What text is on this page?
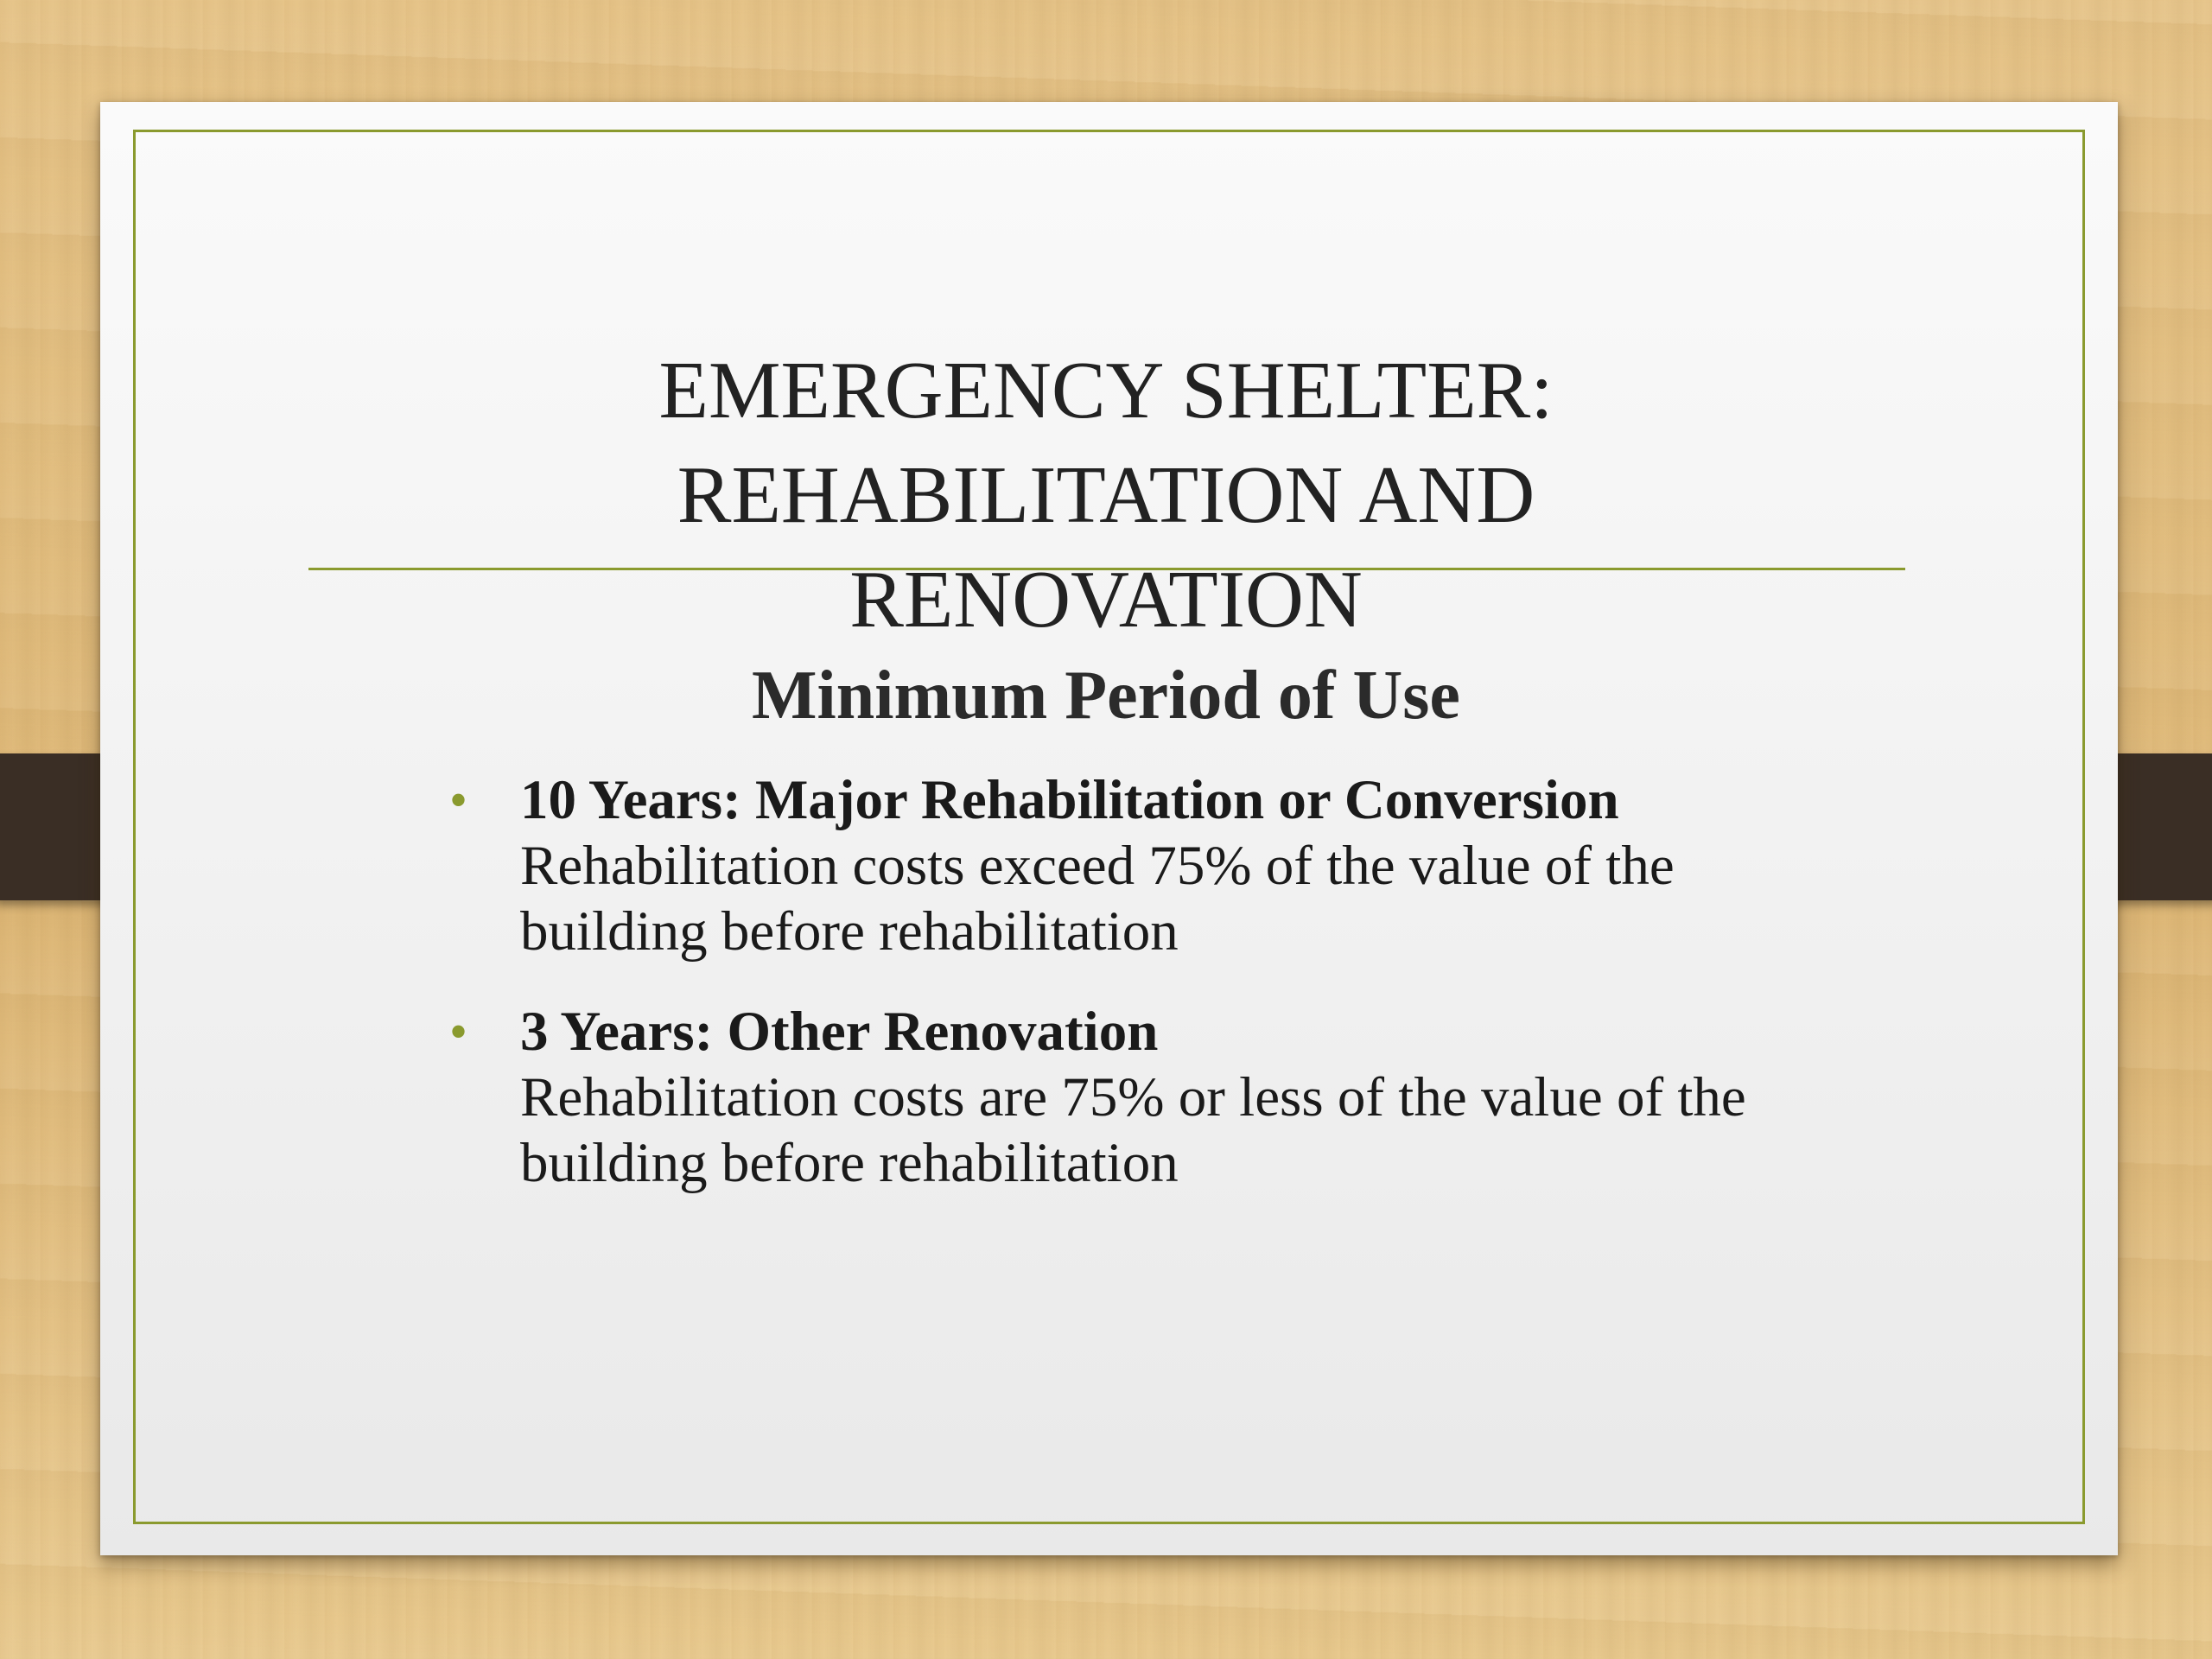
EMERGENCY SHELTER:
REHABILITATION AND
RENOVATION
Minimum Period of Use
• 10 Years: Major Rehabilitation or Conversion
Rehabilitation costs exceed 75% of the value of the building before rehabilitation
• 3 Years: Other Renovation
Rehabilitation costs are 75% or less of the value of the building before rehabilitation
